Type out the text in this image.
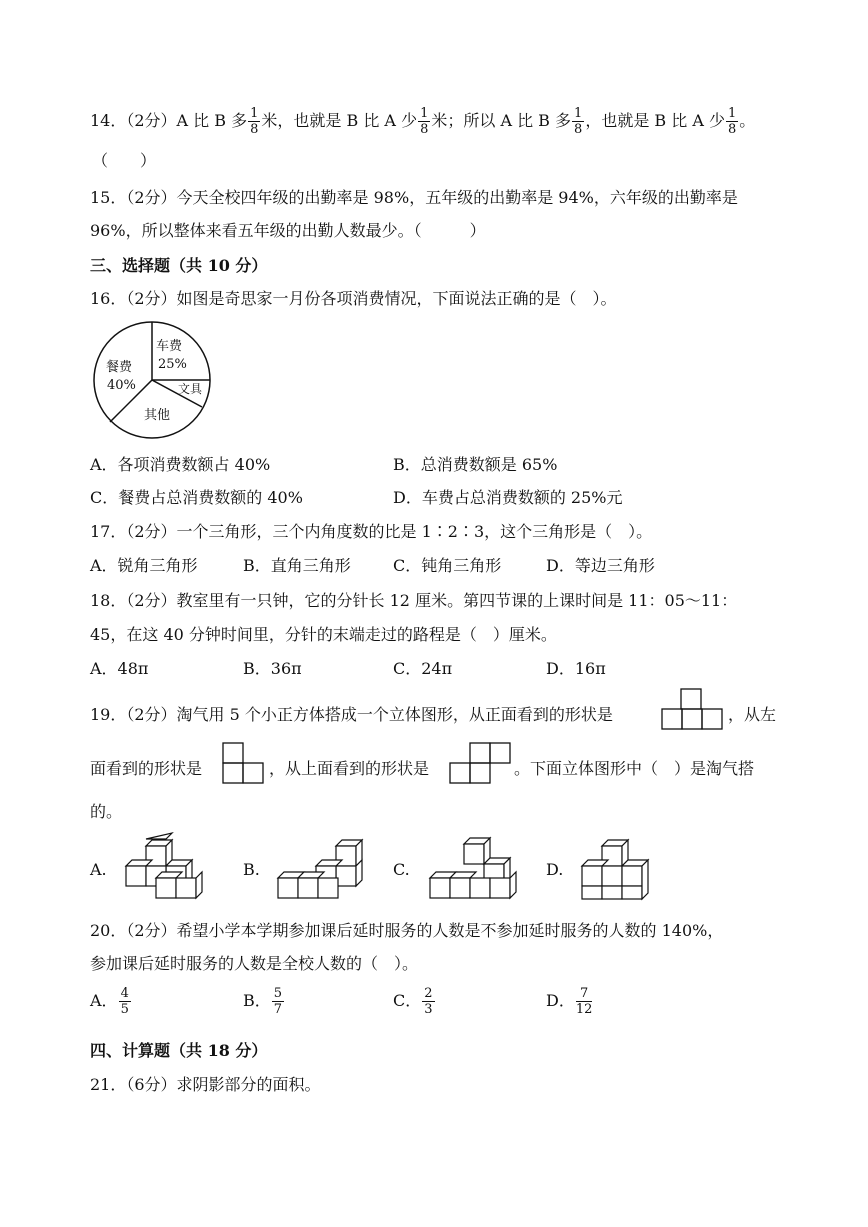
14．（2分）A 比 B 多 $\frac{1}{8}$ 米，也就是 B 比 A 少 $\frac{1}{8}$ 米；所以 A 比 B 多 $\frac{1}{8}$ ，也就是 B 比 A 少 $\frac{1}{8}$ 。
（　　）
15．（2分）今天全校四年级的出勤率是 98%，五年级的出勤率是 94%，六年级的出勤率是
96%，所以整体来看五年级的出勤人数最少。（　　　）
三、选择题（共 10 分）
16．（2分）如图是奇思家一月份各项消费情况，下面说法正确的是（　）。
车费
25%
餐费
40%	文具
其他
A．各项消费数额占 40%	B．总消费数额是 65%
C．餐费占总消费数额的 40%	D．车费占总消费数额的 25%元
17．（2分）一个三角形，三个内角度数的比是 1∶2∶3，这个三角形是（　）。
A．锐角三角形	B．直角三角形	C．钝角三角形	D．等边三角形
18．（2分）教室里有一只钟，它的分针长 12 厘米。第四节课的上课时间是 11：05～11：
45，在这 40 分钟时间里，分针的末端走过的路程是（　）厘米。
A．48π	B．36π	C．24π	D．16π
19．（2分）淘气用 5 个小正方体搭成一个立体图形，从正面看到的形状是	，从左
面看到的形状是	，从上面看到的形状是	。下面立体图形中（　）是淘气搭
的。
A.	B.	C.	D.
20．（2分）希望小学本学期参加课后延时服务的人数是不参加延时服务的人数的 140%，
参加课后延时服务的人数是全校人数的（　）。
A． $\frac{4}{5}$	B． $\frac{5}{7}$	C． $\frac{2}{3}$	D． $\frac{7}{12}$
四、计算题（共 18 分）
21．（6分）求阴影部分的面积。
